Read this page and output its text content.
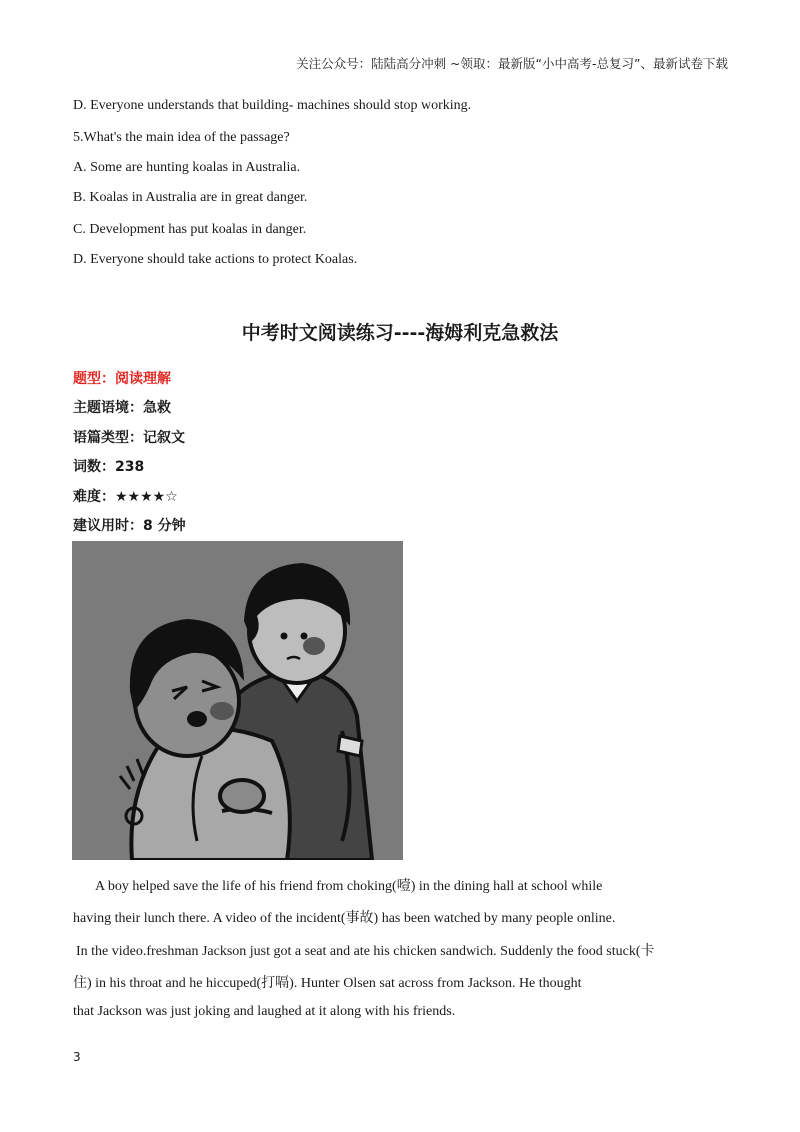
关注公众号：陆陆高分冲刺 ~领取：最新版“小中高考-总复习”、最新试卷下载
D. Everyone understands that building- machines should stop working.
5.What's the main idea of the passage?
A. Some are hunting koalas in Australia.
B. Koalas in Australia are in great danger.
C. Development has put koalas in danger.
D. Everyone should take actions to protect Koalas.
中考时文阅读练习----海姆利克急救法
题型：阅读理解
主题语境：急救
语篇类型：记叙文
词数：238
难度：★★★★☆
建议用时：8 分钟
A boy helped save the life of his friend from choking(噎) in the dining hall at school while
having their lunch there. A video of the incident(事故) has been watched by many people online.
In the video.freshman Jackson just got a seat and ate his chicken sandwich. Suddenly the food stuck(卡
住) in his throat and he hiccuped(打嗝). Hunter Olsen sat across from Jackson. He thought
that Jackson was just joking and laughed at it along with his friends.
3
